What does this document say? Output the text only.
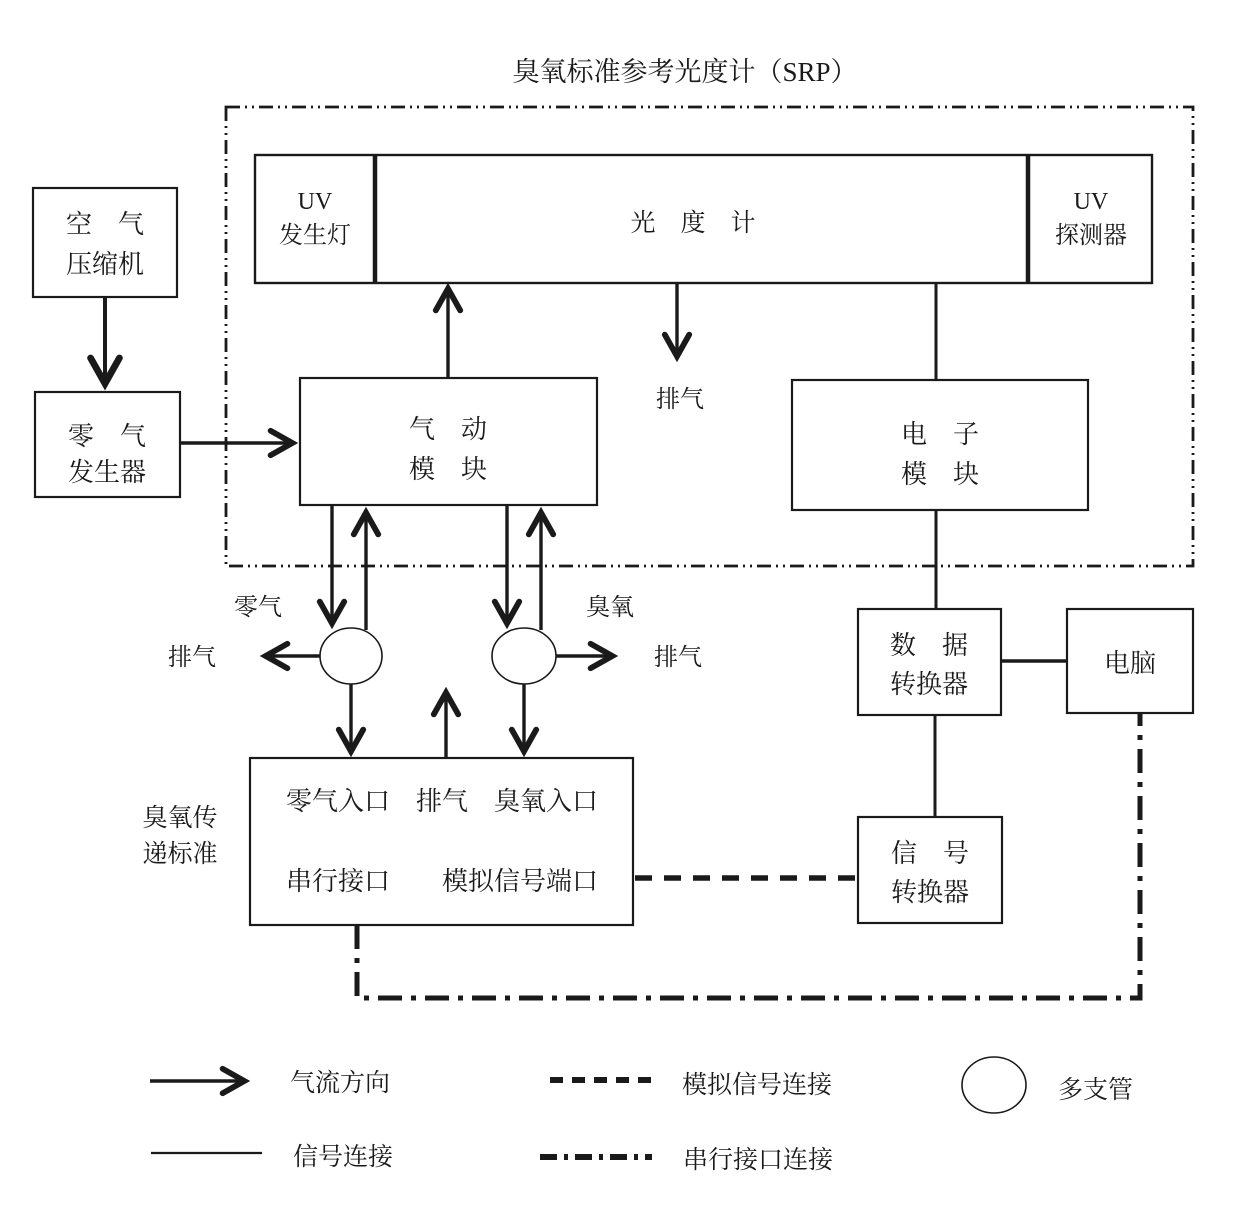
臭氧标准参考光度计（SRP）
UV
发生灯	光　度　计
UV
探测器
空　气
压缩机
零　气
发生器
气　动
模　块
排气
电　子
模　块
零气	臭氧
排气	排气
零气入口　排气　臭氧入口
串行接口　　模拟信号端口
臭氧传
递标准
数　据
转换器
电脑
信　号
转换器
气流方向
信号连接
模拟信号连接
串行接口连接
多支管
